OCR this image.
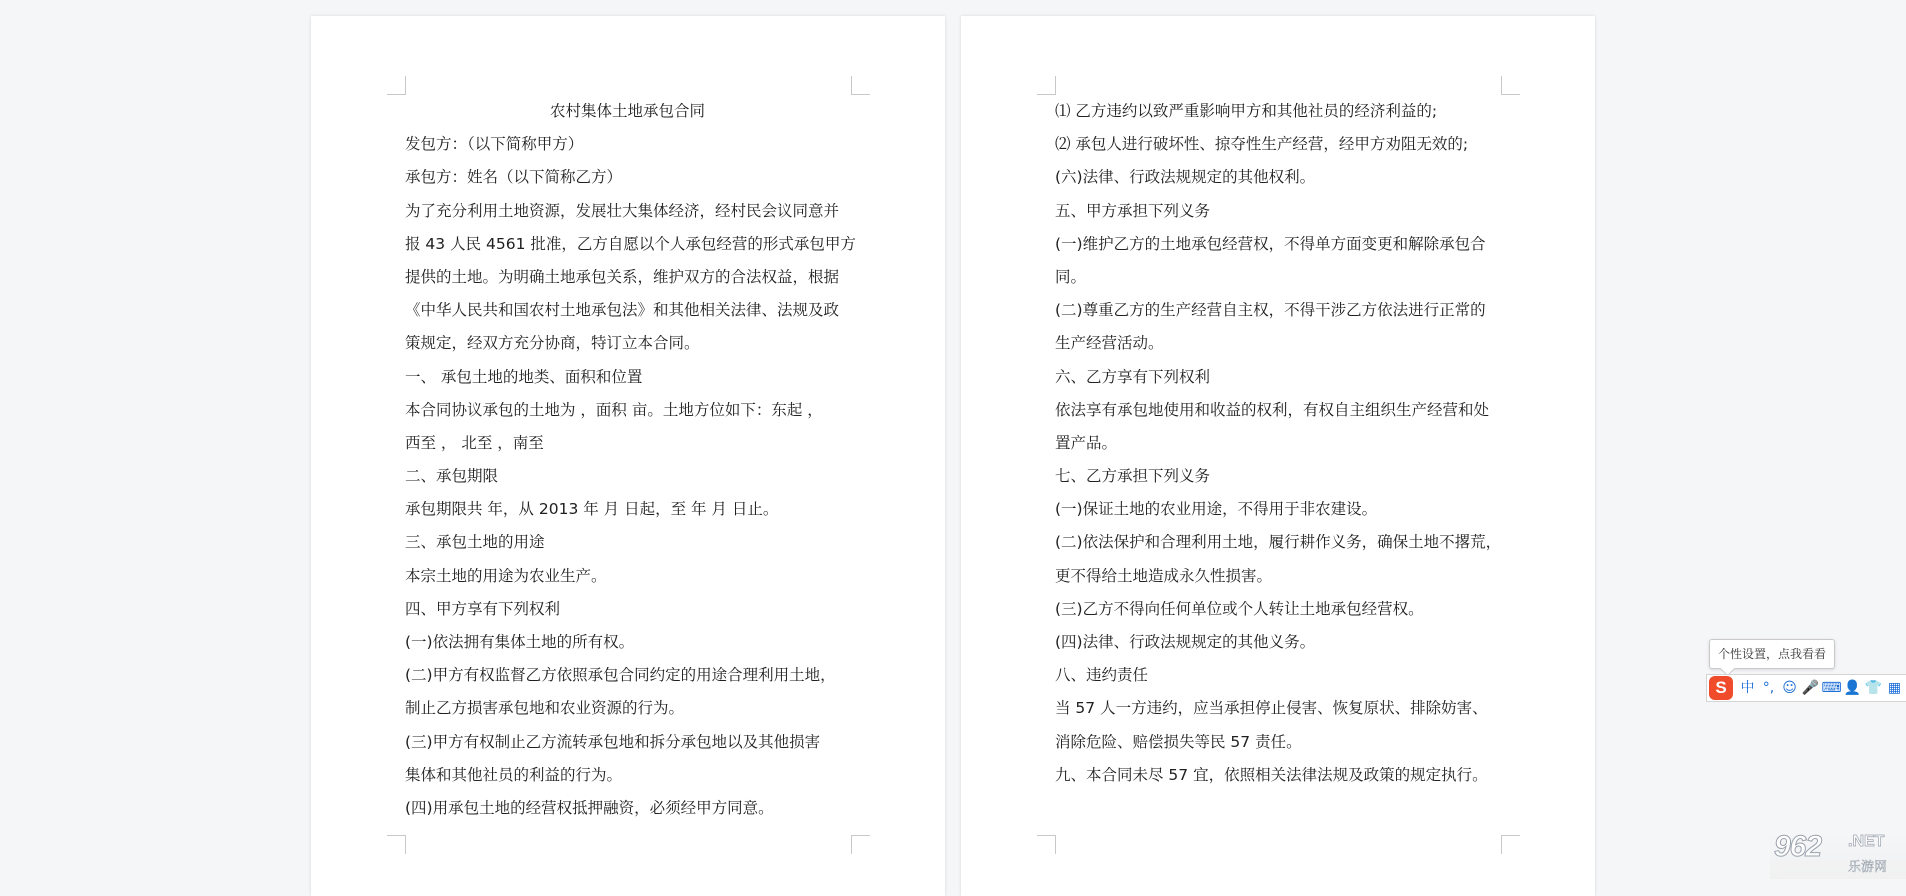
农村集体土地承包合同
发包方：（以下简称甲方）
承包方：姓名（以下简称乙方）
为了充分利用土地资源，发展壮大集体经济，经村民会议同意并
报 43 人民 4561 批准，乙方自愿以个人承包经营的形式承包甲方
提供的土地。为明确土地承包关系，维护双方的合法权益，根据
《中华人民共和国农村土地承包法》和其他相关法律、法规及政
策规定，经双方充分协商，特订立本合同。
一、 承包土地的地类、面积和位置
本合同协议承包的土地为 ，面积 亩。土地方位如下：东起 ，
西至 ， 北至 ，南至
二、承包期限
承包期限共 年，从 2013 年 月 日起，至 年 月 日止。
三、承包土地的用途
本宗土地的用途为农业生产。
四、甲方享有下列权利
(一)依法拥有集体土地的所有权。
(二)甲方有权监督乙方依照承包合同约定的用途合理利用土地，
制止乙方损害承包地和农业资源的行为。
(三)甲方有权制止乙方流转承包地和拆分承包地以及其他损害
集体和其他社员的利益的行为。
(四)用承包土地的经营权抵押融资，必须经甲方同意。
⑴ 乙方违约以致严重影响甲方和其他社员的经济利益的;
⑵ 承包人进行破坏性、掠夺性生产经营，经甲方劝阻无效的;
(六)法律、行政法规规定的其他权利。
五、甲方承担下列义务
(一)维护乙方的土地承包经营权，不得单方面变更和解除承包合
同。
(二)尊重乙方的生产经营自主权，不得干涉乙方依法进行正常的
生产经营活动。
六、乙方享有下列权利
依法享有承包地使用和收益的权利，有权自主组织生产经营和处
置产品。
七、乙方承担下列义务
(一)保证土地的农业用途，不得用于非农建设。
(二)依法保护和合理利用土地，履行耕作义务，确保土地不撂荒，
更不得给土地造成永久性损害。
(三)乙方不得向任何单位或个人转让土地承包经营权。
(四)法律、行政法规规定的其他义务。
八、违约责任
当 57 人一方违约，应当承担停止侵害、恢复原状、排除妨害、
消除危险、赔偿损失等民 57 责任。
九、本合同未尽 57 宜，依照相关法律法规及政策的规定执行。
个性设置，点我看看
S 中 °, ☺ 🎤 ⌨ 👤 👕 ▦
962 .NET
乐游网
